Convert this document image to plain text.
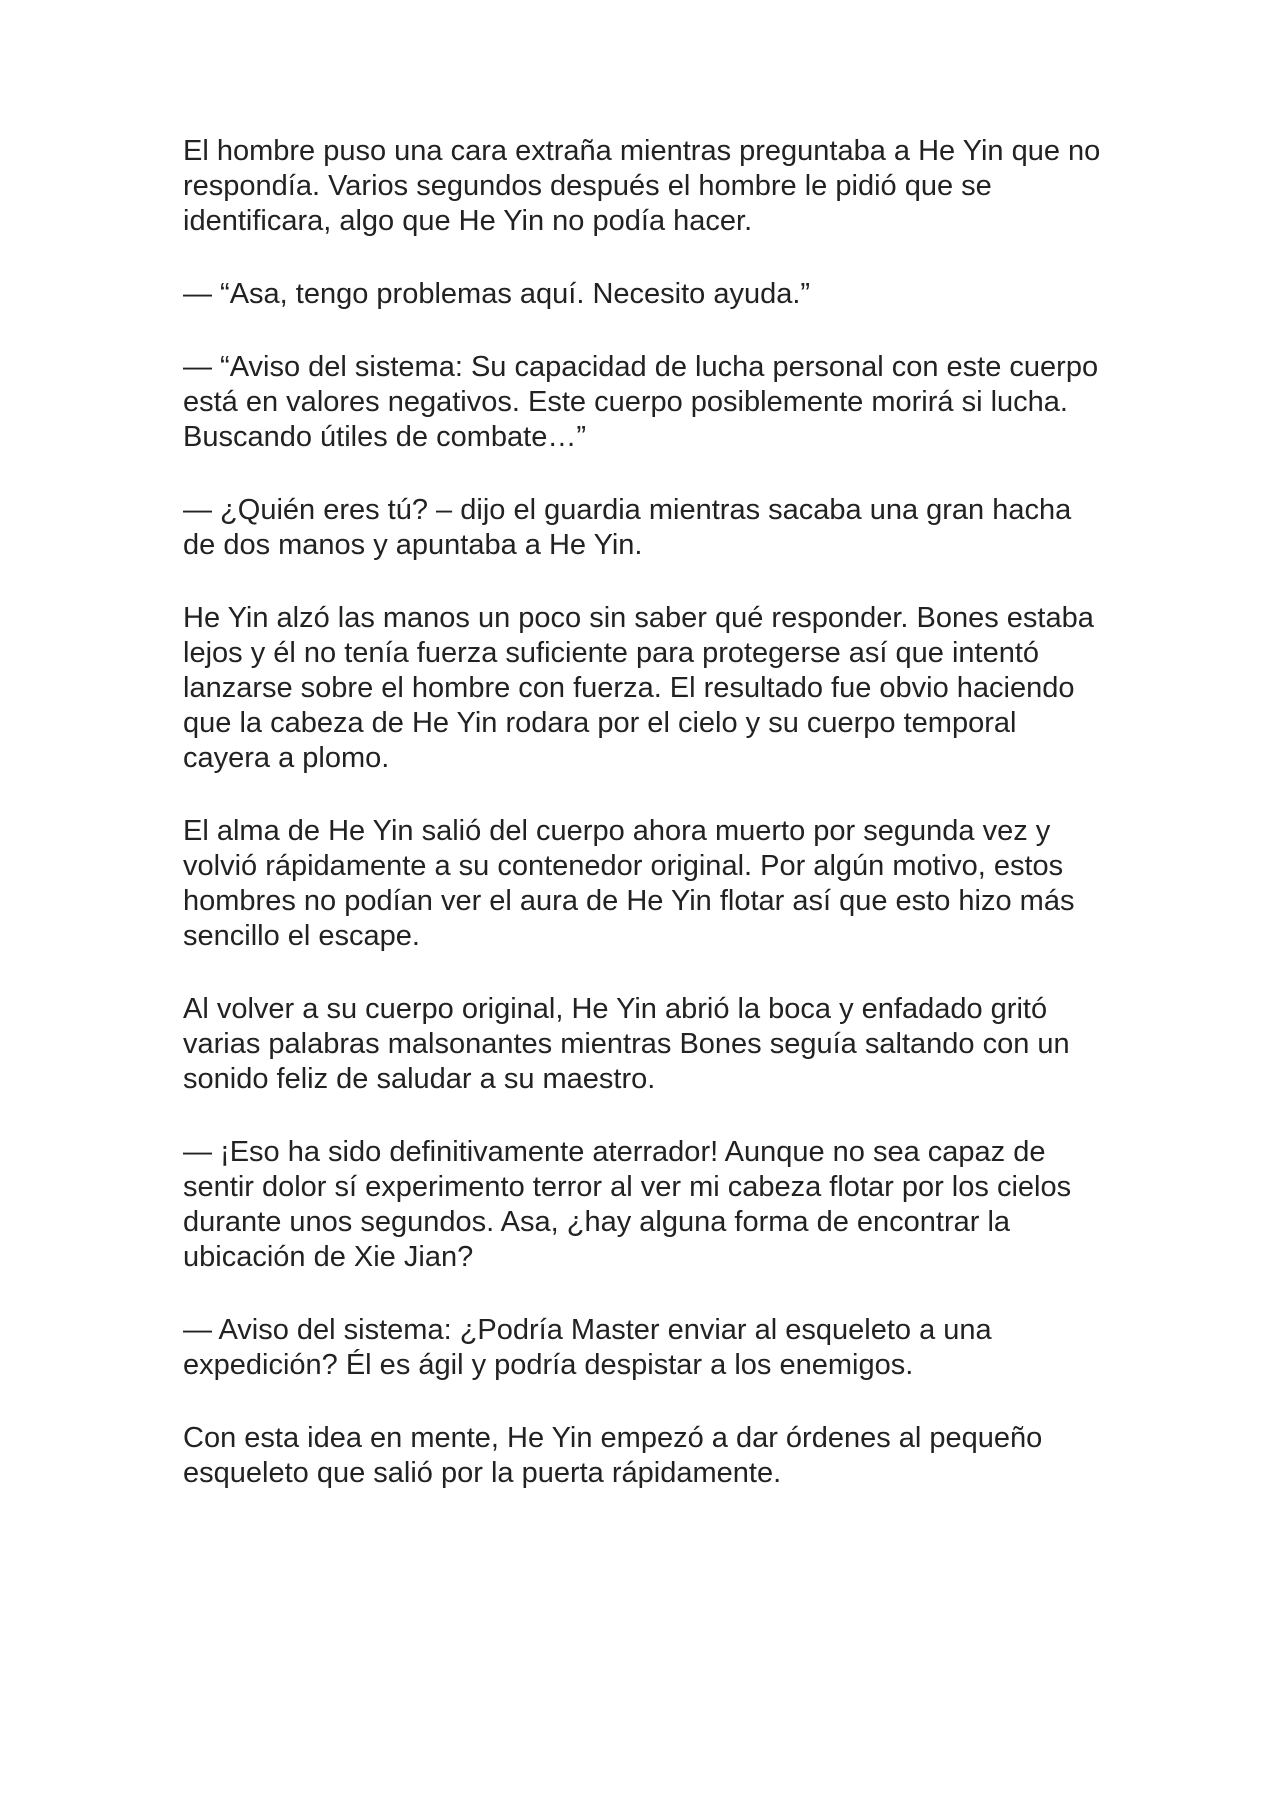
El hombre puso una cara extraña mientras preguntaba a He Yin que no respondía. Varios segundos después el hombre le pidió que se identificara, algo que He Yin no podía hacer.

— “Asa, tengo problemas aquí. Necesito ayuda.”

— “Aviso del sistema: Su capacidad de lucha personal con este cuerpo está en valores negativos. Este cuerpo posiblemente morirá si lucha. Buscando útiles de combate…”

— ¿Quién eres tú? – dijo el guardia mientras sacaba una gran hacha de dos manos y apuntaba a He Yin.

He Yin alzó las manos un poco sin saber qué responder. Bones estaba lejos y él no tenía fuerza suficiente para protegerse así que intentó lanzarse sobre el hombre con fuerza. El resultado fue obvio haciendo que la cabeza de He Yin rodara por el cielo y su cuerpo temporal cayera a plomo.

El alma de He Yin salió del cuerpo ahora muerto por segunda vez y volvió rápidamente a su contenedor original. Por algún motivo, estos hombres no podían ver el aura de He Yin flotar así que esto hizo más sencillo el escape.

Al volver a su cuerpo original, He Yin abrió la boca y enfadado gritó varias palabras malsonantes mientras Bones seguía saltando con un sonido feliz de saludar a su maestro.

— ¡Eso ha sido definitivamente aterrador! Aunque no sea capaz de sentir dolor sí experimento terror al ver mi cabeza flotar por los cielos durante unos segundos. Asa, ¿hay alguna forma de encontrar la ubicación de Xie Jian?

— Aviso del sistema: ¿Podría Master enviar al esqueleto a una expedición? Él es ágil y podría despistar a los enemigos.

Con esta idea en mente, He Yin empezó a dar órdenes al pequeño esqueleto que salió por la puerta rápidamente.
